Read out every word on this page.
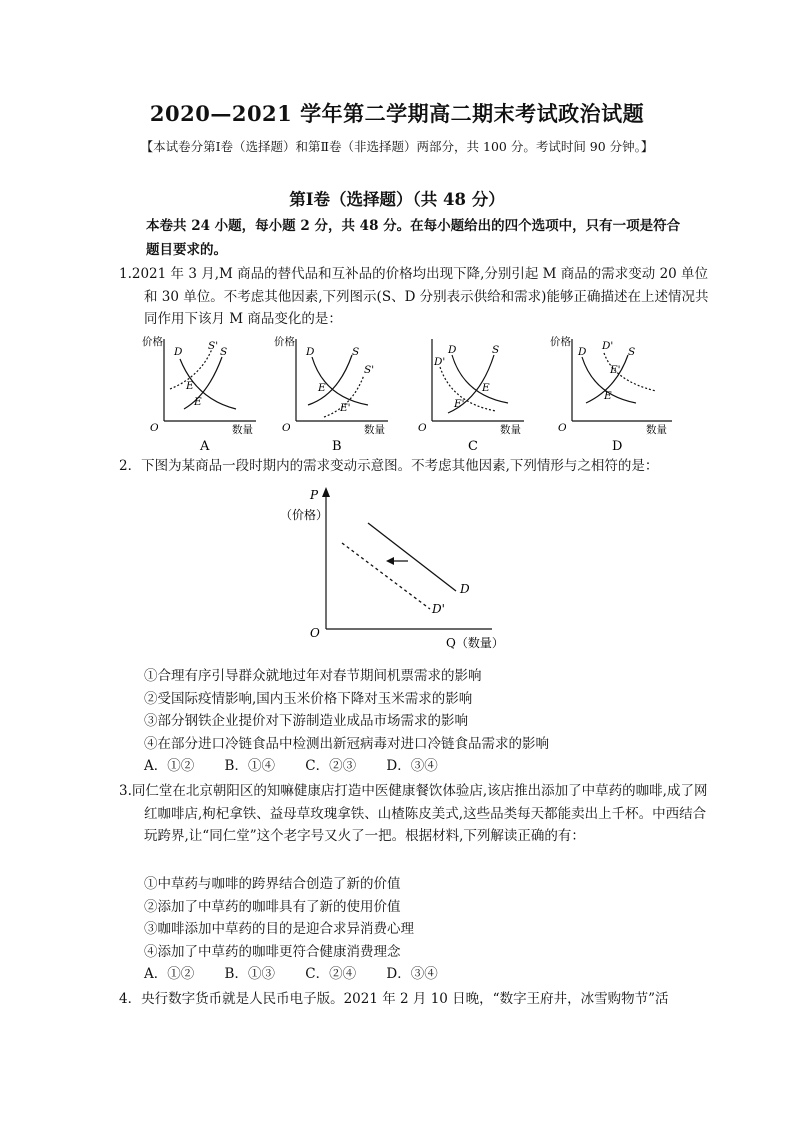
2020—2021 学年第二学期高二期末考试政治试题
【本试卷分第Ⅰ卷（选择题）和第Ⅱ卷（非选择题）两部分，共 100 分。考试时间 90 分钟。】
第Ⅰ卷（选择题）（共 48 分）
本卷共 24 小题，每小题 2 分，共 48 分。在每小题给出的四个选项中，只有一项是符合题目要求的。
1.2021 年 3 月,M 商品的替代品和互补品的价格均出现下降,分别引起 M 商品的需求变动 20 单位和 30 单位。不考虑其他因素,下列图示(S、D 分别表示供给和需求)能够正确描述在上述情况共同作用下该月 M 商品变化的是：
价格
O	数量
D S' S
E
E
A
价格
O	数量
D	S
S'
E
E'
B
O	数量
D'
D	S
E
E'
C
价格
O	数量
D D' S
E'
E
D
2．下图为某商品一段时期内的需求变动示意图。不考虑其他因素,下列情形与之相符的是：
P
（价格）
O
Q（数量）
D
D'
①合理有序引导群众就地过年对春节期间机票需求的影响
②受国际疫情影响,国内玉米价格下降对玉米需求的影响
③部分钢铁企业提价对下游制造业成品市场需求的影响
④在部分进口冷链食品中检测出新冠病毒对进口冷链食品需求的影响
A．①② B．①④ C．②③ D．③④
3.同仁堂在北京朝阳区的知嘛健康店打造中医健康餐饮体验店,该店推出添加了中草药的咖啡,成了网红咖啡店,枸杞拿铁、益母草玫瑰拿铁、山楂陈皮美式,这些品类每天都能卖出上千杯。中西结合玩跨界,让“同仁堂”这个老字号又火了一把。根据材料,下列解读正确的有：
①中草药与咖啡的跨界结合创造了新的价值
②添加了中草药的咖啡具有了新的使用价值
③咖啡添加中草药的目的是迎合求异消费心理
④添加了中草药的咖啡更符合健康消费理念
A．①② B．①③ C．②④ D．③④
4．央行数字货币就是人民币电子版。2021 年 2 月 10 日晚，“数字王府井，冰雪购物节”活
